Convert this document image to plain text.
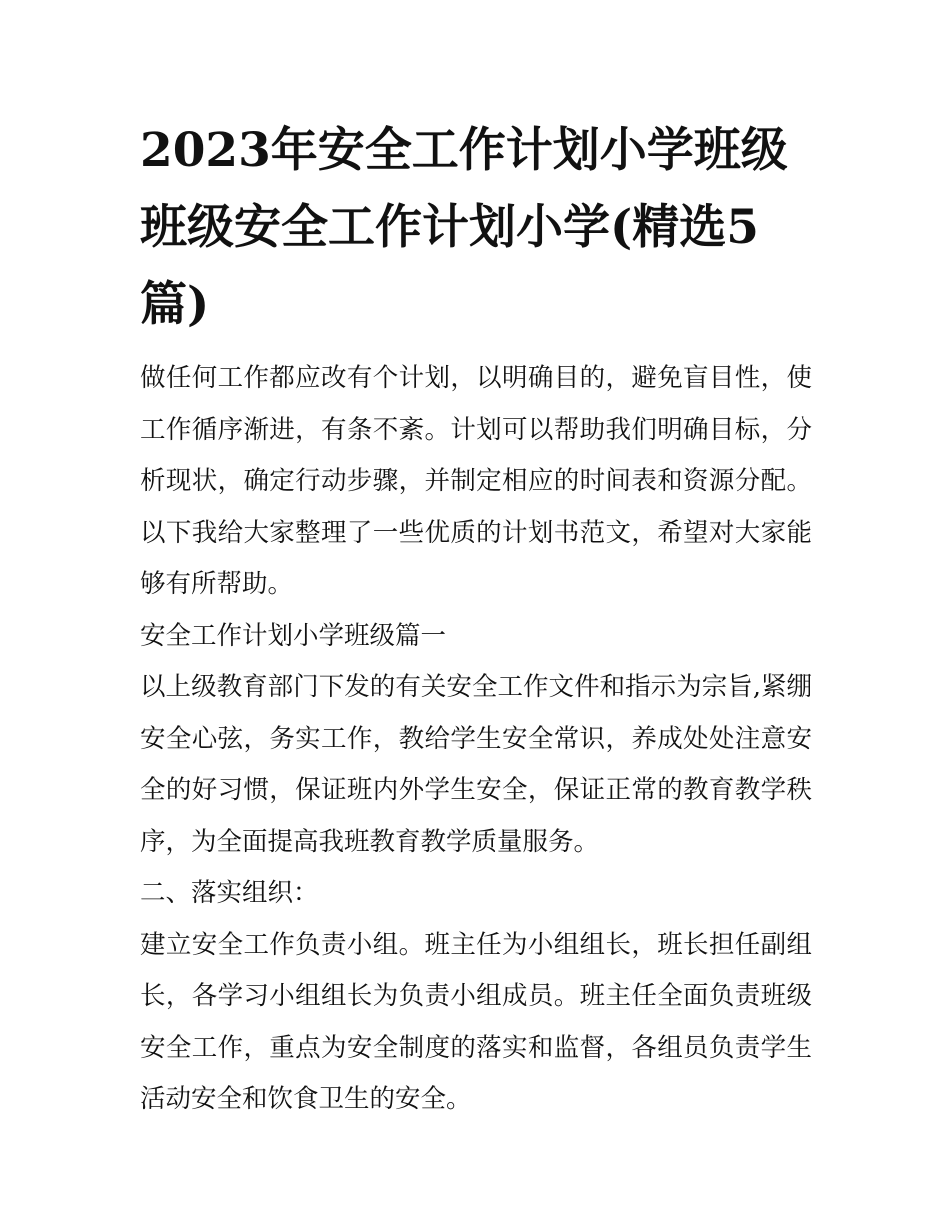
2023年安全工作计划小学班级班级安全工作计划小学(精选5篇)

做任何工作都应改有个计划，以明确目的，避免盲目性，使工作循序渐进，有条不紊。计划可以帮助我们明确目标，分析现状，确定行动步骤，并制定相应的时间表和资源分配。以下我给大家整理了一些优质的计划书范文，希望对大家能够有所帮助。

安全工作计划小学班级篇一

以上级教育部门下发的有关安全工作文件和指示为宗旨,紧绷安全心弦，务实工作，教给学生安全常识，养成处处注意安全的好习惯，保证班内外学生安全，保证正常的教育教学秩序，为全面提高我班教育教学质量服务。

二、落实组织：

建立安全工作负责小组。班主任为小组组长，班长担任副组长，各学习小组组长为负责小组成员。班主任全面负责班级安全工作，重点为安全制度的落实和监督，各组员负责学生活动安全和饮食卫生的安全。
